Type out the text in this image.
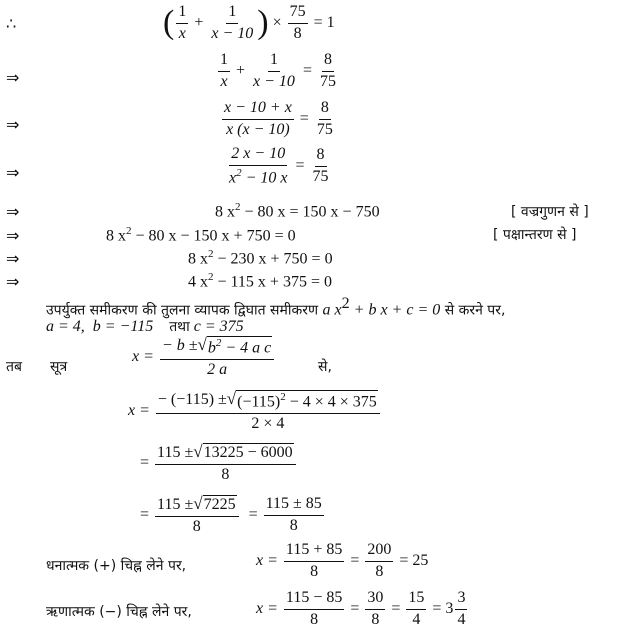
∴	( $\frac{1}{x} + \frac{1}{x - 10}$ ) × $\frac{75}{8} = 1$
⇒	$\frac{1}{x} + \frac{1}{x - 10} = \frac{8}{75}$
⇒	$\frac{x - 10 + x}{x (x - 10)} = \frac{8}{75}$
⇒	$\frac{2 x - 10}{x^2 - 10 x} = \frac{8}{75}$
⇒	8 $x^2 - 80$ x = 150 x − 750	[ वज्रगुणन से ]
⇒	8 $x^2 - 80$ x − 150 x + 750 = 0	[ पक्षान्तरण से ]
⇒	8 $x^2 - 230$ x + 750 = 0
⇒	4 $x^2 - 115$ x + 375 = 0
उपर्युक्त समीकरण की तुलना व्यापक द्विघात समीकरण a $x^2 + b$ x + c = 0 से करने पर,
a = 4, b = −115 तथा c = 375
तब सूत्र
$x = \frac{- b \pm √ b^2 - 4 a c}{2 a}$	से,
$x = \frac{- (-115) \pm √ (-115)^2 - 4 \times 4 \times 375}{2 \times 4}$
= $\frac{115 \pm √ 13225 - 6000}{8}$
= $\frac{115 \pm √ 7225}{8} = \frac{115 \pm 85}{8}$
धनात्मक (+) चिह्न लेने पर,	$x = \frac{115 + 85}{8} = \frac{200}{8} = 25$
ऋणात्मक (−) चिह्न लेने पर,	$x = \frac{115 - 85}{8} = \frac{30}{8} = \frac{15}{4} = 3 \frac{3}{4}$
